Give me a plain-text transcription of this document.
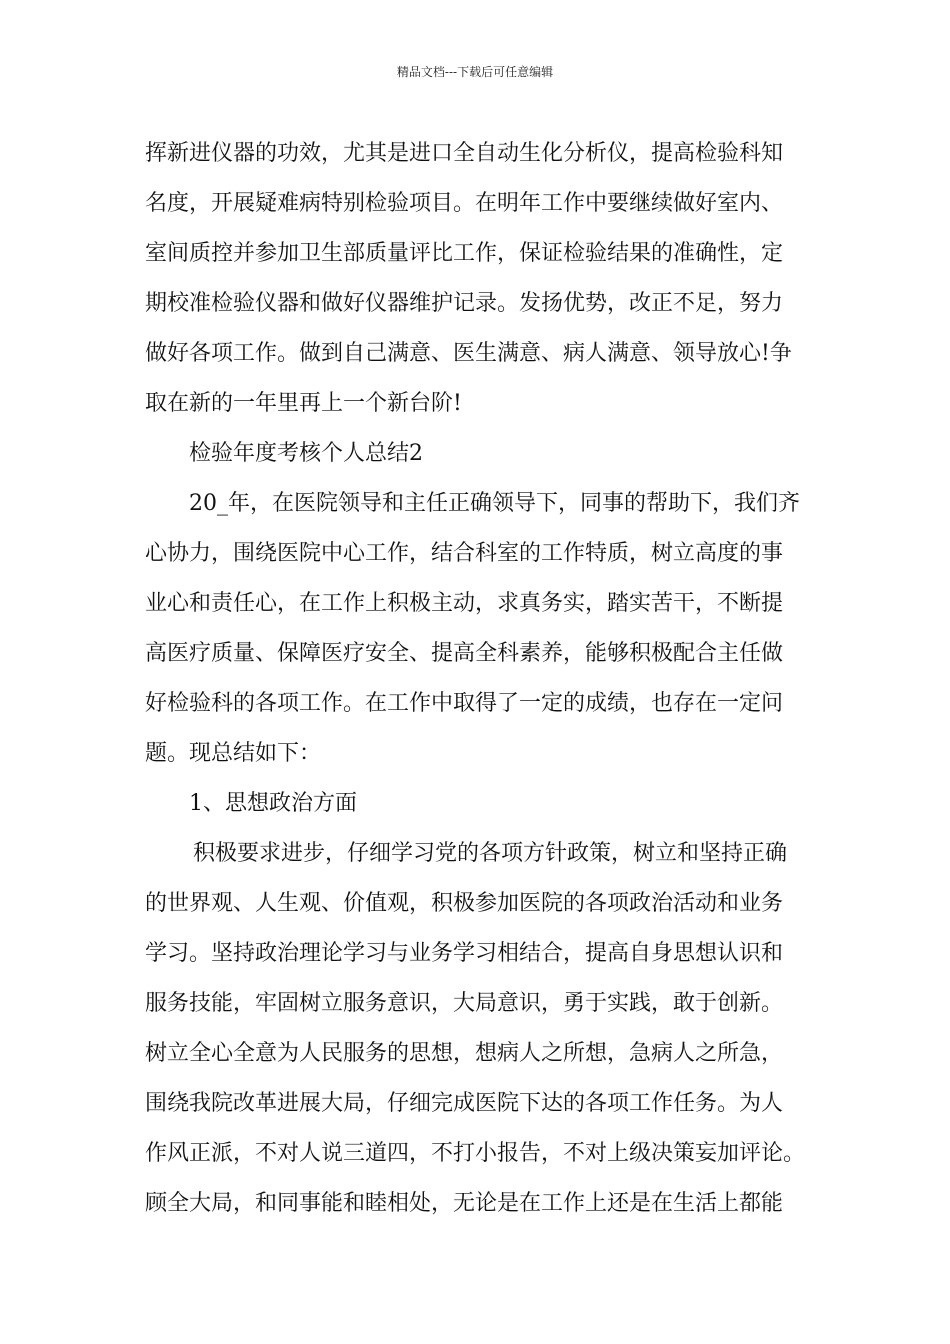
精品文档---下载后可任意编辑
挥新进仪器的功效，尤其是进口全自动生化分析仪，提高检验科知
名度，开展疑难病特别检验项目。在明年工作中要继续做好室内、
室间质控并参加卫生部质量评比工作，保证检验结果的准确性，定
期校准检验仪器和做好仪器维护记录。发扬优势，改正不足，努力
做好各项工作。做到自己满意、医生满意、病人满意、领导放心!争
取在新的一年里再上一个新台阶!
检验年度考核个人总结2
20_年，在医院领导和主任正确领导下，同事的帮助下，我们齐
心协力，围绕医院中心工作，结合科室的工作特质，树立高度的事
业心和责任心，在工作上积极主动，求真务实，踏实苦干，不断提
高医疗质量、保障医疗安全、提高全科素养，能够积极配合主任做
好检验科的各项工作。在工作中取得了一定的成绩，也存在一定问
题。现总结如下：
1、思想政治方面
积极要求进步，仔细学习党的各项方针政策，树立和坚持正确
的世界观、人生观、价值观，积极参加医院的各项政治活动和业务
学习。坚持政治理论学习与业务学习相结合，提高自身思想认识和
服务技能，牢固树立服务意识，大局意识，勇于实践，敢于创新。
树立全心全意为人民服务的思想，想病人之所想，急病人之所急，
围绕我院改革进展大局，仔细完成医院下达的各项工作任务。为人
作风正派，不对人说三道四，不打小报告，不对上级决策妄加评论。
顾全大局，和同事能和睦相处，无论是在工作上还是在生活上都能
